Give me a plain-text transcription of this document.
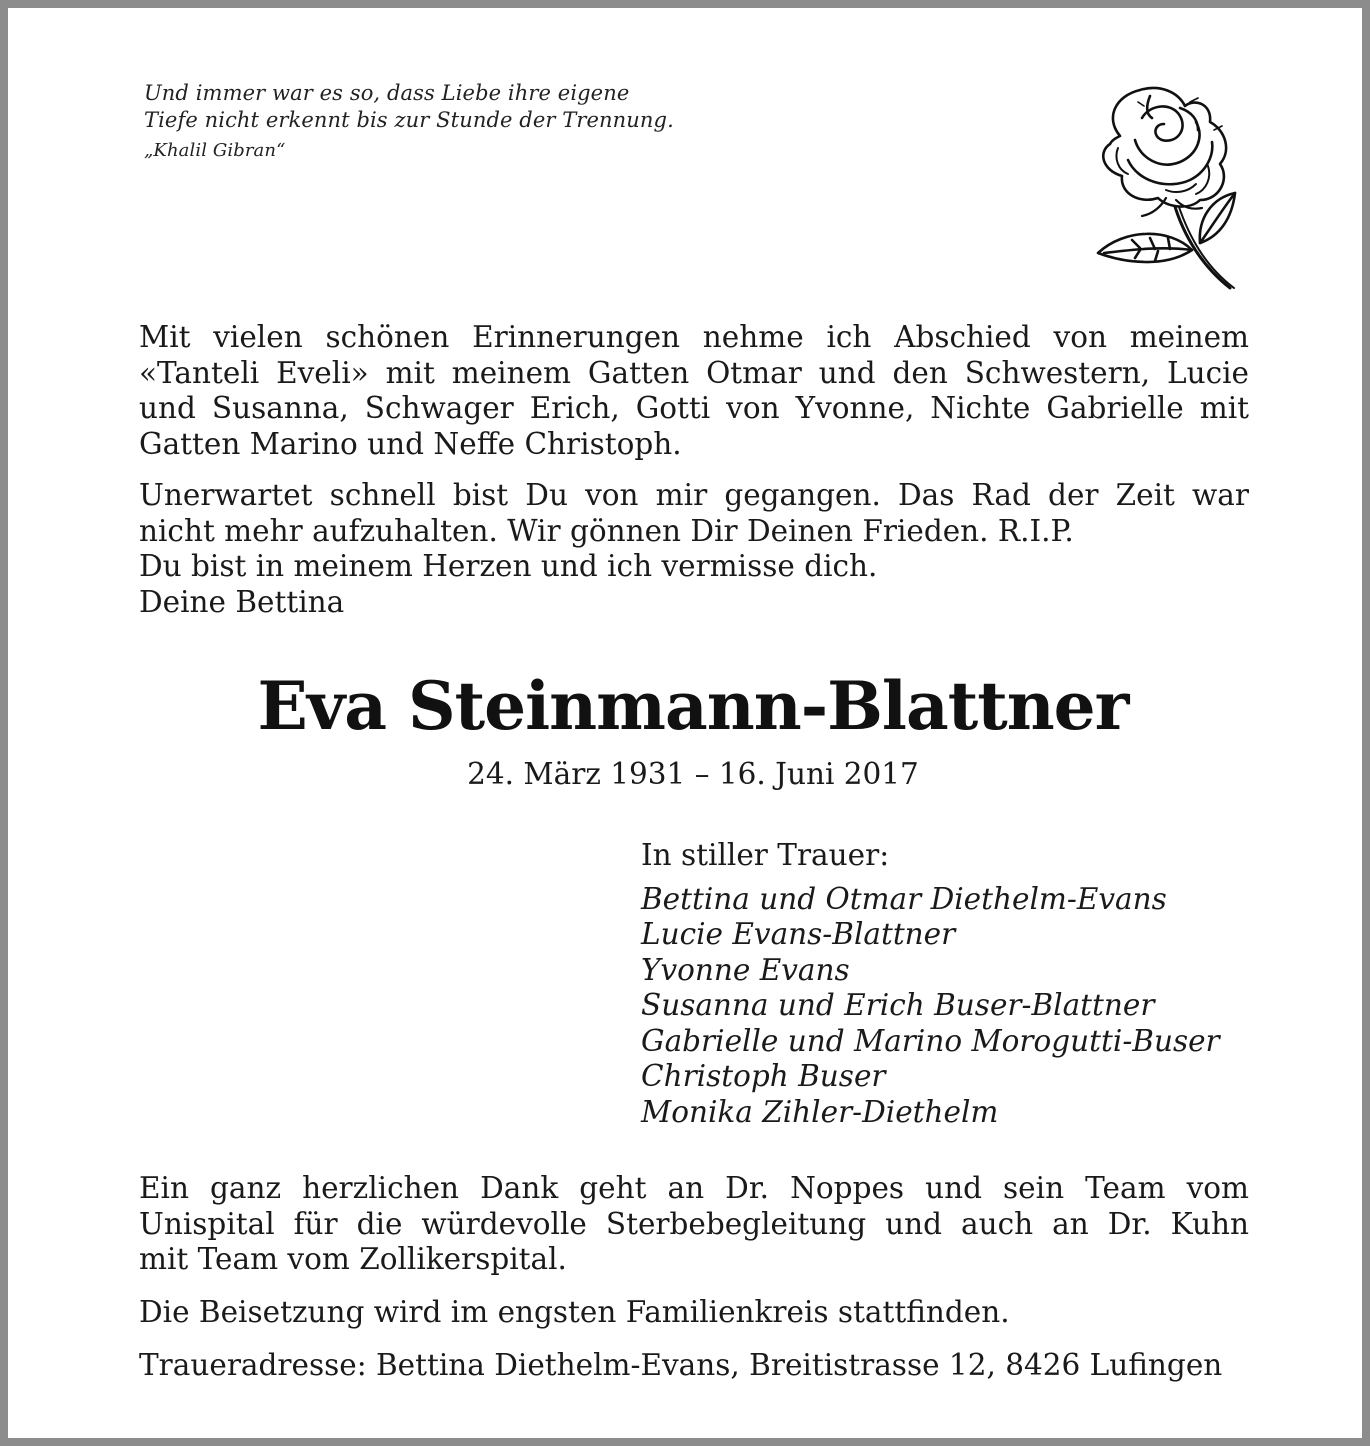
Und immer war es so, dass Liebe ihre eigene
Tiefe nicht erkennt bis zur Stunde der Trennung.
„Khalil Gibran“
Mit vielen schönen Erinnerungen nehme ich Abschied von meinem
«Tanteli Eveli» mit meinem Gatten Otmar und den Schwestern, Lucie
und Susanna, Schwager Erich, Gotti von Yvonne, Nichte Gabrielle mit
Gatten Marino und Neffe Christoph.
Unerwartet schnell bist Du von mir gegangen. Das Rad der Zeit war
nicht mehr aufzuhalten. Wir gönnen Dir Deinen Frieden. R.I.P.
Du bist in meinem Herzen und ich vermisse dich.
Deine Bettina
Eva Steinmann-Blattner
24. März 1931 – 16. Juni 2017
In stiller Trauer:
Bettina und Otmar Diethelm-Evans
Lucie Evans-Blattner
Yvonne Evans
Susanna und Erich Buser-Blattner
Gabrielle und Marino Morogutti-Buser
Christoph Buser
Monika Zihler-Diethelm
Ein ganz herzlichen Dank geht an Dr. Noppes und sein Team vom
Unispital für die würdevolle Sterbebegleitung und auch an Dr. Kuhn
mit Team vom Zollikerspital.
Die Beisetzung wird im engsten Familienkreis stattfinden.
Traueradresse: Bettina Diethelm-Evans, Breitistrasse 12, 8426 Lufingen
